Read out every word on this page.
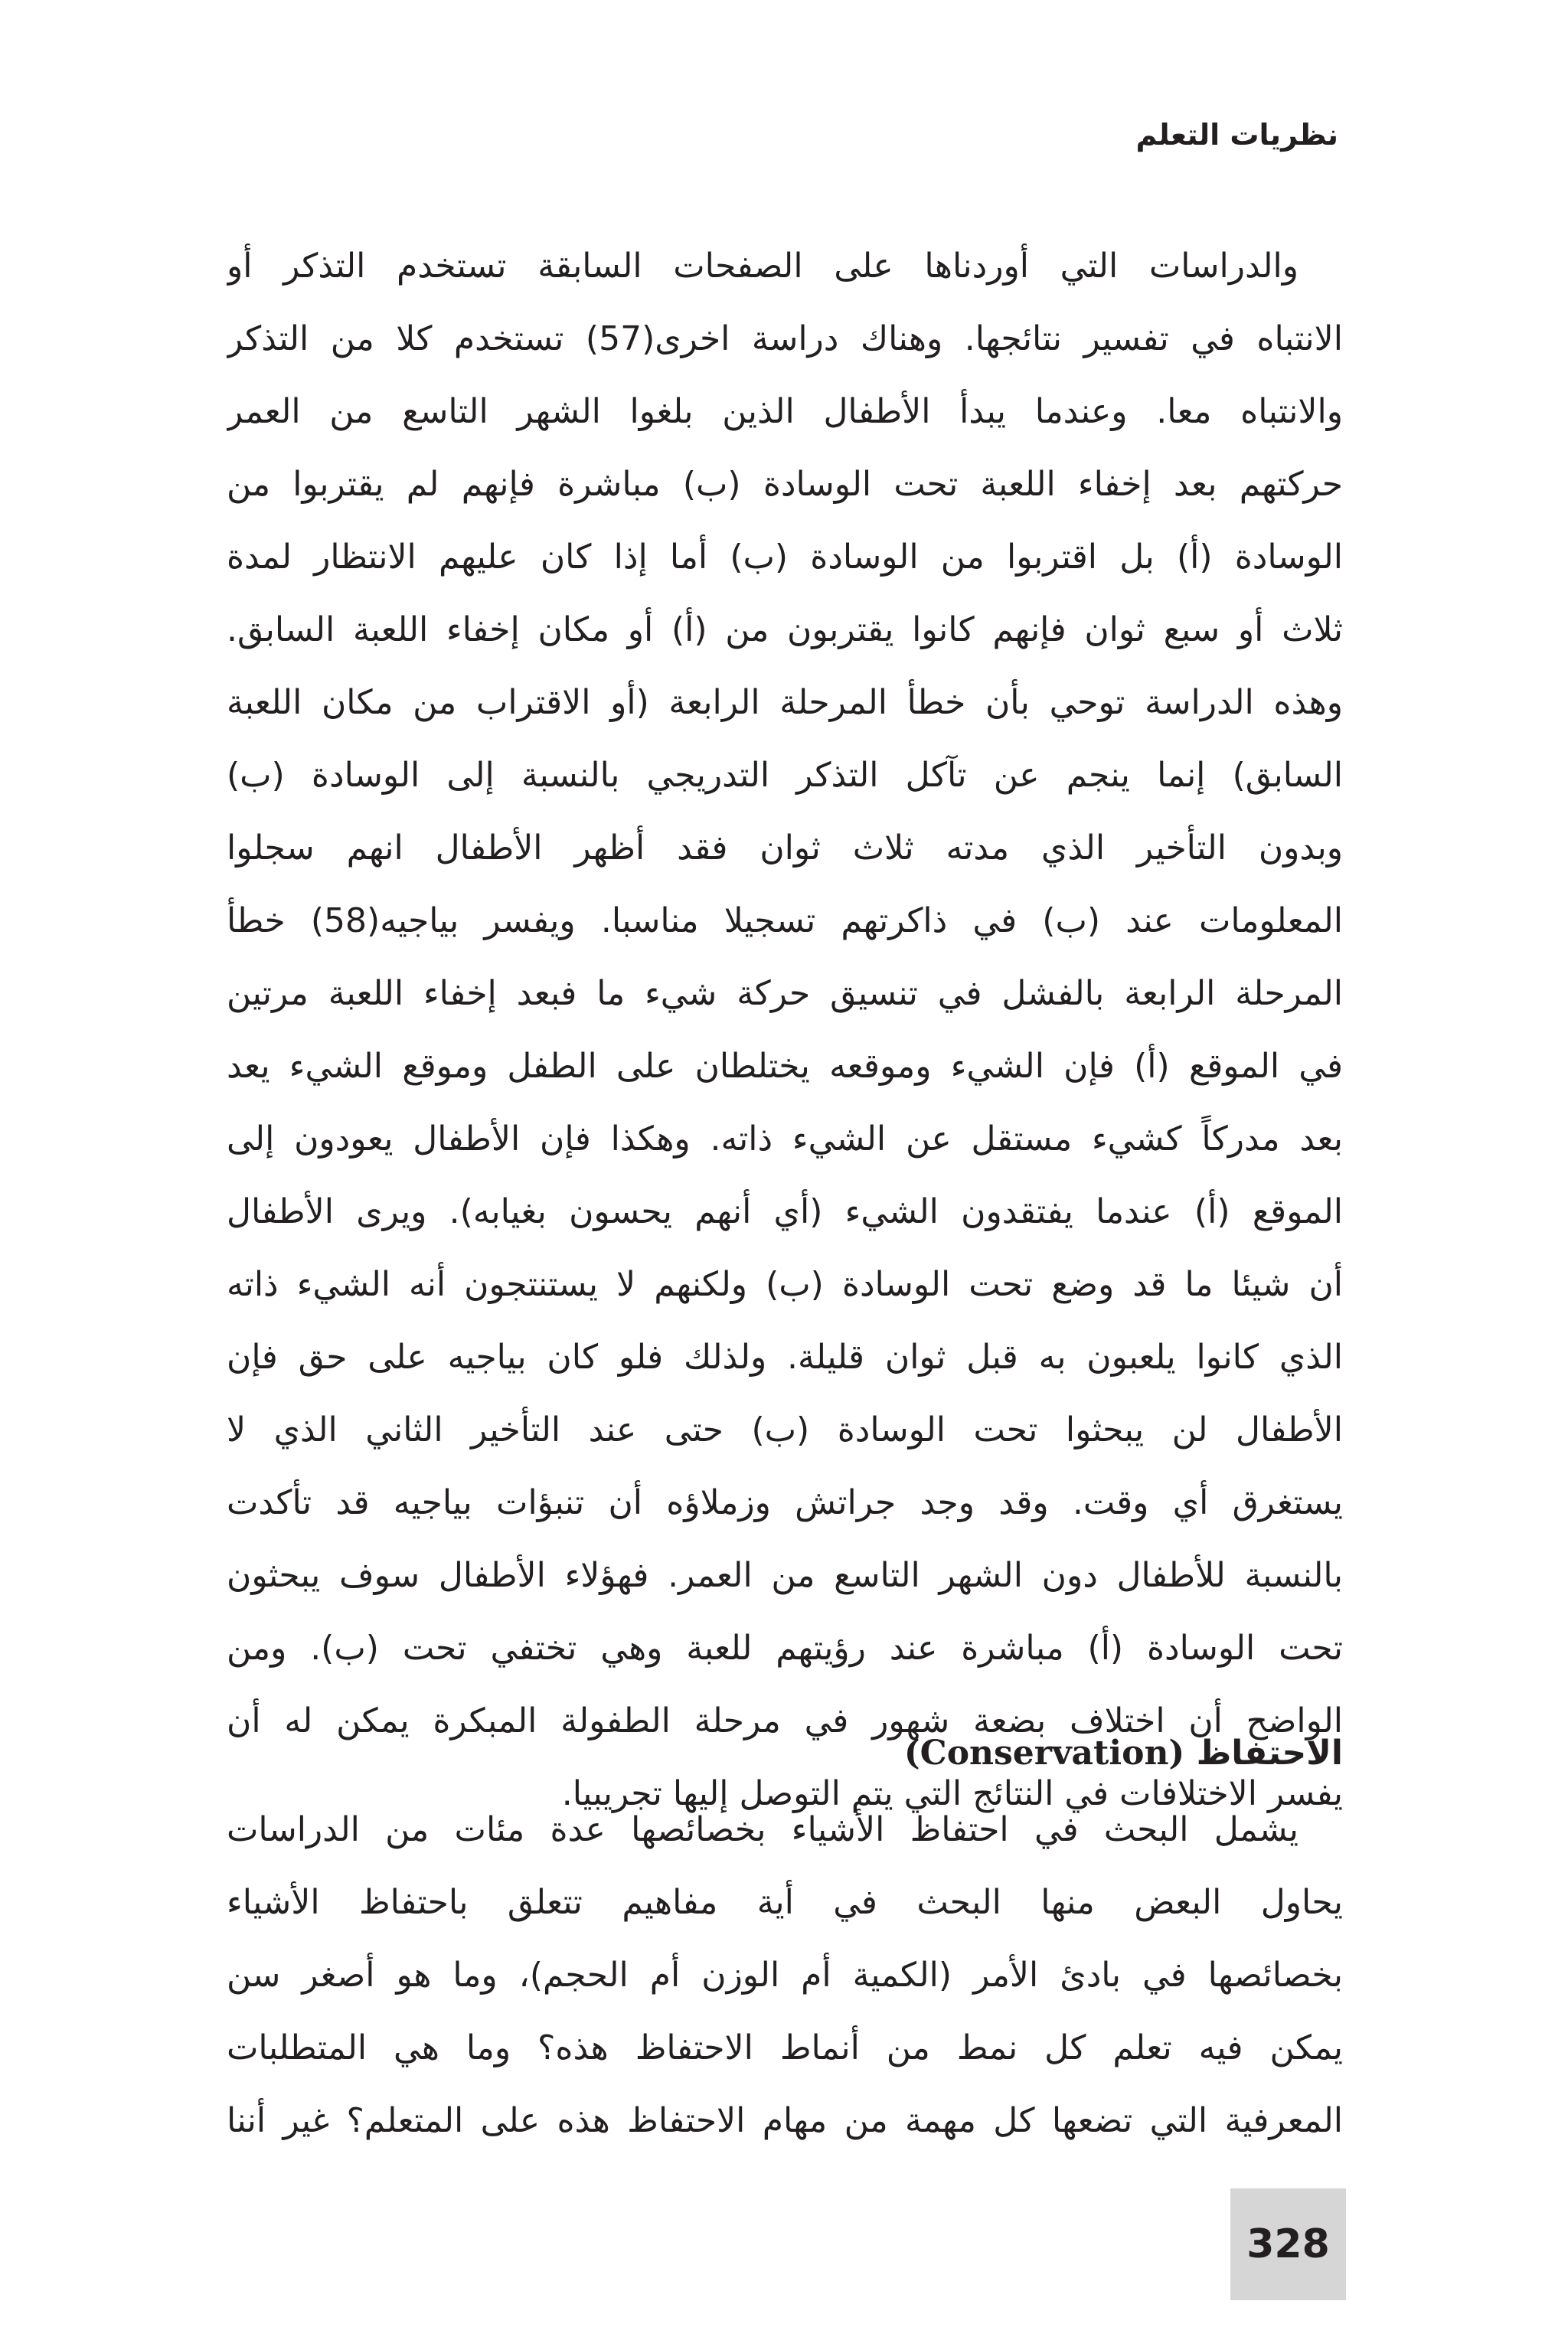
نظريات التعلم
والدراسات التي أوردناها على الصفحات السابقة تستخدم التذكر أو
الانتباه في تفسير نتائجها. وهناك دراسة اخرى(57) تستخدم كلا من التذكر
والانتباه معا. وعندما يبدأ الأطفال الذين بلغوا الشهر التاسع من العمر
حركتهم بعد إخفاء اللعبة تحت الوسادة (ب) مباشرة فإنهم لم يقتربوا من
الوسادة (أ) بل اقتربوا من الوسادة (ب) أما إذا كان عليهم الانتظار لمدة
ثلاث أو سبع ثوان فإنهم كانوا يقتربون من (أ) أو مكان إخفاء اللعبة السابق.
وهذه الدراسة توحي بأن خطأ المرحلة الرابعة (أو الاقتراب من مكان اللعبة
السابق) إنما ينجم عن تآكل التذكر التدريجي بالنسبة إلى الوسادة (ب)
وبدون التأخير الذي مدته ثلاث ثوان فقد أظهر الأطفال انهم سجلوا
المعلومات عند (ب) في ذاكرتهم تسجيلا مناسبا. ويفسر بياجيه(58) خطأ
المرحلة الرابعة بالفشل في تنسيق حركة شيء ما فبعد إخفاء اللعبة مرتين
في الموقع (أ) فإن الشيء وموقعه يختلطان على الطفل وموقع الشيء يعد
بعد مدركاً كشيء مستقل عن الشيء ذاته. وهكذا فإن الأطفال يعودون إلى
الموقع (أ) عندما يفتقدون الشيء (أي أنهم يحسون بغيابه). ويرى الأطفال
أن شيئا ما قد وضع تحت الوسادة (ب) ولكنهم لا يستنتجون أنه الشيء ذاته
الذي كانوا يلعبون به قبل ثوان قليلة. ولذلك فلو كان بياجيه على حق فإن
الأطفال لن يبحثوا تحت الوسادة (ب) حتى عند التأخير الثاني الذي لا
يستغرق أي وقت. وقد وجد جراتش وزملاؤه أن تنبؤات بياجيه قد تأكدت
بالنسبة للأطفال دون الشهر التاسع من العمر. فهؤلاء الأطفال سوف يبحثون
تحت الوسادة (أ) مباشرة عند رؤيتهم للعبة وهي تختفي تحت (ب). ومن
الواضح أن اختلاف بضعة شهور في مرحلة الطفولة المبكرة يمكن له أن
يفسر الاختلافات في النتائج التي يتم التوصل إليها تجريبيا.
الاحتفاظ (Conservation)
يشمل البحث في احتفاظ الأشياء بخصائصها عدة مئات من الدراسات
يحاول البعض منها البحث في أية مفاهيم تتعلق باحتفاظ الأشياء
بخصائصها في بادئ الأمر (الكمية أم الوزن أم الحجم)، وما هو أصغر سن
يمكن فيه تعلم كل نمط من أنماط الاحتفاظ هذه؟ وما هي المتطلبات
المعرفية التي تضعها كل مهمة من مهام الاحتفاظ هذه على المتعلم؟ غير أننا
328
